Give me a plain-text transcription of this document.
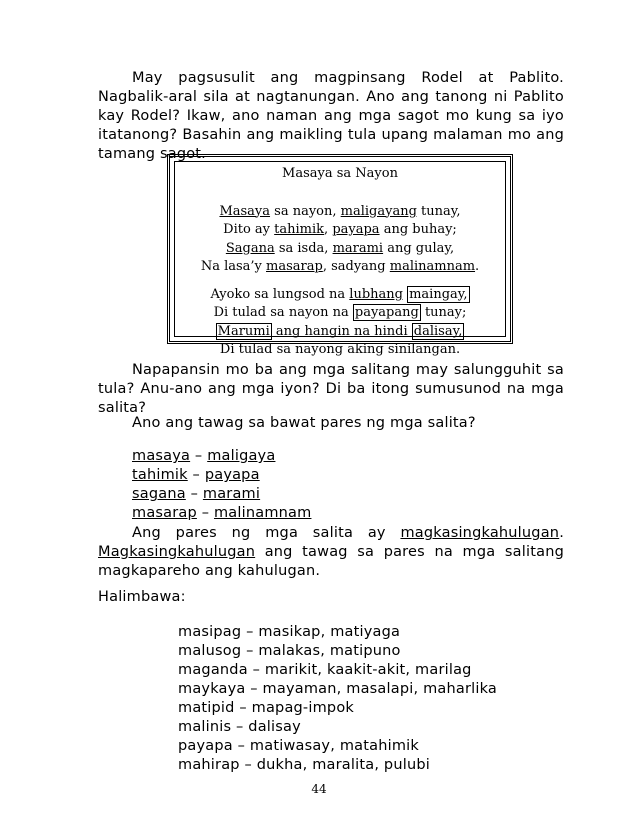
May pagsusulit ang magpinsang Rodel at Pablito. Nagbalik-aral sila at nagtanungan. Ano ang tanong ni Pablito kay Rodel? Ikaw, ano naman ang mga sagot mo kung sa iyo itatanong? Basahin ang maikling tula upang malaman mo ang tamang sagot.

Masaya sa Nayon
Masaya sa nayon, maligayang tunay,
Dito ay tahimik, payapa ang buhay;
Sagana sa isda, marami ang gulay,
Na lasa’y masarap, sadyang malinamnam.
Ayoko sa lungsod na lubhang maingay,
Di tulad sa nayon na payapang tunay;
Marumi ang hangin na hindi dalisay,
Di tulad sa nayong aking sinilangan.

Napapansin mo ba ang mga salitang may salungguhit sa tula? Anu-ano ang mga iyon? Di ba itong sumusunod na mga salita?

Ano ang tawag sa bawat pares ng mga salita?

masaya – maligaya
tahimik – payapa
sagana – marami
masarap – malinamnam

Ang pares ng mga salita ay magkasingkahulugan. Magkasingkahulugan ang tawag sa pares na mga salitang magkapareho ang kahulugan.

Halimbawa:

masipag – masikap, matiyaga
malusog – malakas, matipuno
maganda – marikit, kaakit-akit, marilag
maykaya – mayaman, masalapi, maharlika
matipid – mapag-impok
malinis – dalisay
payapa – matiwasay, matahimik
mahirap – dukha, maralita, pulubi
44
